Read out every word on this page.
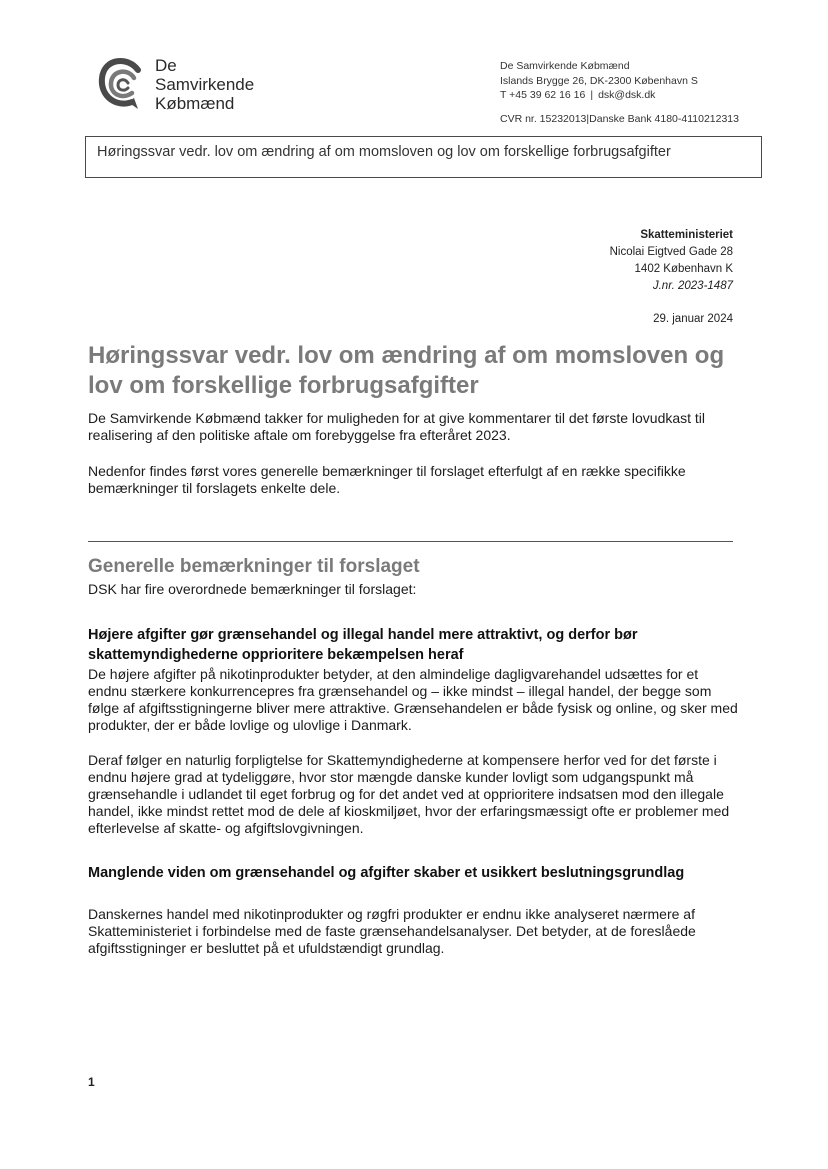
De
Samvirkende
Købmænd
De Samvirkende Købmænd
Islands Brygge 26, DK-2300 København S
T +45 39 62 16 16 | dsk@dsk.dk
CVR nr. 15232013|Danske Bank 4180-4110212313
Høringssvar vedr. lov om ændring af om momsloven og lov om forskellige forbrugsafgifter
Skatteministeriet
Nicolai Eigtved Gade 28
1402 København K
J.nr. 2023-1487
29. januar 2024
Høringssvar vedr. lov om ændring af om momsloven og lov om forskellige forbrugsafgifter

De Samvirkende Købmænd takker for muligheden for at give kommentarer til det første lovudkast til realisering af den politiske aftale om forebyggelse fra efteråret 2023.

Nedenfor findes først vores generelle bemærkninger til forslaget efterfulgt af en række specifikke bemærkninger til forslagets enkelte dele.

Generelle bemærkninger til forslaget

DSK har fire overordnede bemærkninger til forslaget:

Højere afgifter gør grænsehandel og illegal handel mere attraktivt, og derfor bør skattemyndighederne opprioritere bekæmpelsen heraf

De højere afgifter på nikotinprodukter betyder, at den almindelige dagligvarehandel udsættes for et endnu stærkere konkurrencepres fra grænsehandel og – ikke mindst – illegal handel, der begge som følge af afgiftsstigningerne bliver mere attraktive. Grænsehandelen er både fysisk og online, og sker med produkter, der er både lovlige og ulovlige i Danmark.

Deraf følger en naturlig forpligtelse for Skattemyndighederne at kompensere herfor ved for det første i endnu højere grad at tydeliggøre, hvor stor mængde danske kunder lovligt som udgangspunkt må grænsehandle i udlandet til eget forbrug og for det andet ved at opprioritere indsatsen mod den illegale handel, ikke mindst rettet mod de dele af kioskmiljøet, hvor der erfaringsmæssigt ofte er problemer med efterlevelse af skatte- og afgiftslovgivningen.

Manglende viden om grænsehandel og afgifter skaber et usikkert beslutningsgrundlag

Danskernes handel med nikotinprodukter og røgfri produkter er endnu ikke analyseret nærmere af Skatteministeriet i forbindelse med de faste grænsehandelsanalyser. Det betyder, at de foreslåede afgiftsstigninger er besluttet på et ufuldstændigt grundlag.

1
